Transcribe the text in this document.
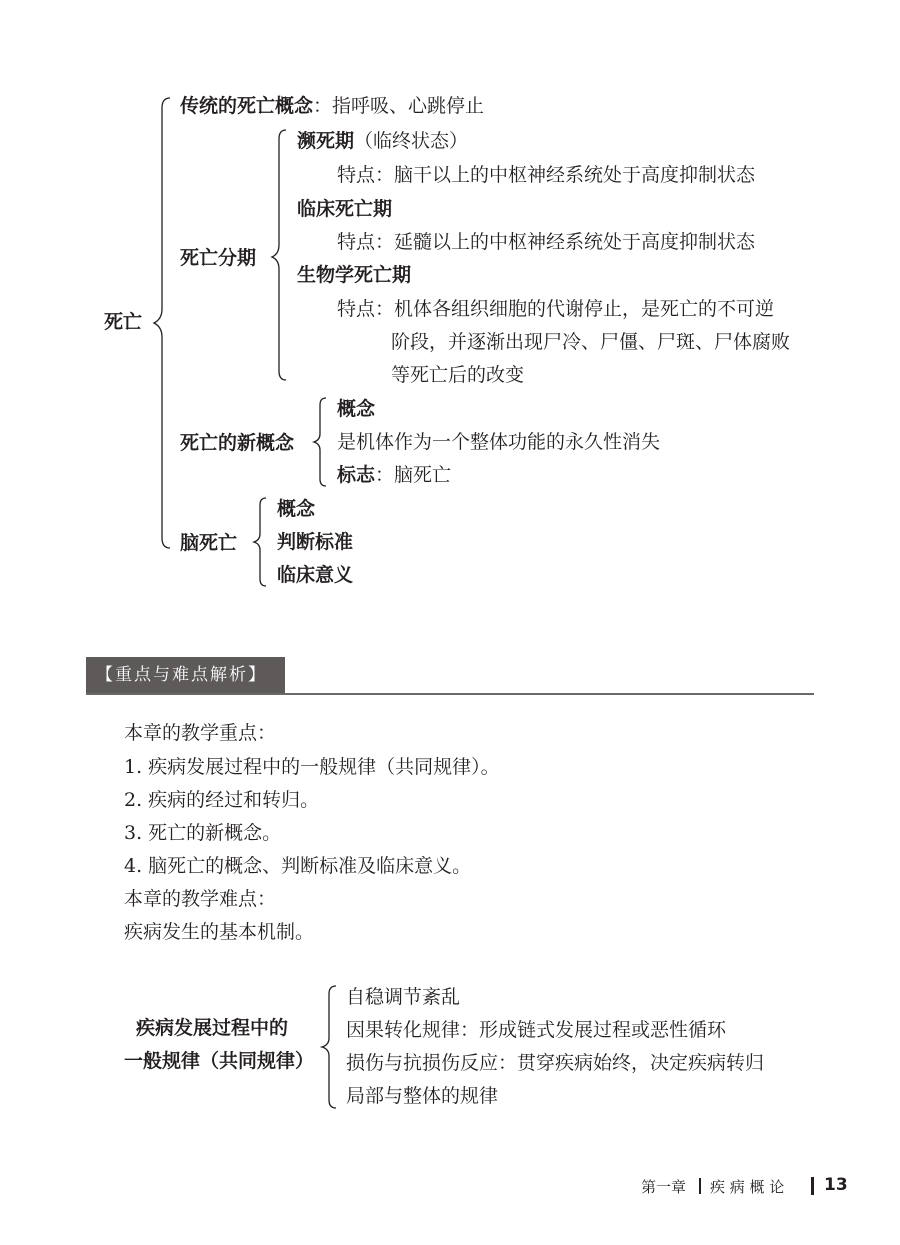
死亡
传统的死亡概念：指呼吸、心跳停止
死亡分期
濒死期（临终状态）
特点：脑干以上的中枢神经系统处于高度抑制状态
临床死亡期
特点：延髓以上的中枢神经系统处于高度抑制状态
生物学死亡期
特点：机体各组织细胞的代谢停止，是死亡的不可逆
阶段，并逐渐出现尸冷、尸僵、尸斑、尸体腐败
等死亡后的改变
死亡的新概念
概念
是机体作为一个整体功能的永久性消失
标志：脑死亡
脑死亡
概念
判断标准
临床意义
【重点与难点解析】
本章的教学重点：
1. 疾病发展过程中的一般规律（共同规律）。
2. 疾病的经过和转归。
3. 死亡的新概念。
4. 脑死亡的概念、判断标准及临床意义。
本章的教学难点：
疾病发生的基本机制。
疾病发展过程中的
一般规律（共同规律）
自稳调节紊乱
因果转化规律：形成链式发展过程或恶性循环
损伤与抗损伤反应：贯穿疾病始终，决定疾病转归
局部与整体的规律
第一章 疾 病 概 论 13
